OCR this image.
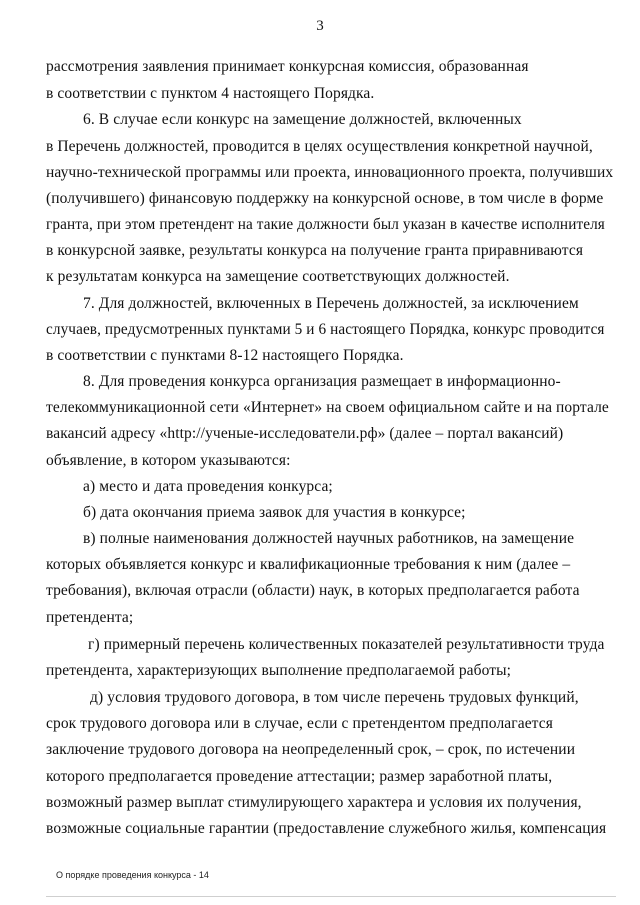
3
рассмотрения заявления принимает конкурсная комиссия, образованная
в соответствии с пунктом 4 настоящего Порядка.
6. В случае если конкурс на замещение должностей, включенных
в Перечень должностей, проводится в целях осуществления конкретной научной,
научно-технической программы или проекта, инновационного проекта, получивших
(получившего) финансовую поддержку на конкурсной основе, в том числе в форме
гранта, при этом претендент на такие должности был указан в качестве исполнителя
в конкурсной заявке, результаты конкурса на получение гранта приравниваются
к результатам конкурса на замещение соответствующих должностей.
7. Для должностей, включенных в Перечень должностей, за исключением
случаев, предусмотренных пунктами 5 и 6 настоящего Порядка, конкурс проводится
в соответствии с пунктами 8-12 настоящего Порядка.
8. Для проведения конкурса организация размещает в информационно-
телекоммуникационной сети «Интернет» на своем официальном сайте и на портале
вакансий адресу «http://ученые-исследователи.рф» (далее – портал вакансий)
объявление, в котором указываются:
а) место и дата проведения конкурса;
б) дата окончания приема заявок для участия в конкурсе;
в) полные наименования должностей научных работников, на замещение
которых объявляется конкурс и квалификационные требования к ним (далее –
требования), включая отрасли (области) наук, в которых предполагается работа
претендента;
г) примерный перечень количественных показателей результативности труда
претендента, характеризующих выполнение предполагаемой работы;
д) условия трудового договора, в том числе перечень трудовых функций,
срок трудового договора или в случае, если с претендентом предполагается
заключение трудового договора на неопределенный срок, – срок, по истечении
которого предполагается проведение аттестации; размер заработной платы,
возможный размер выплат стимулирующего характера и условия их получения,
возможные социальные гарантии (предоставление служебного жилья, компенсация
О порядке проведения конкурса - 14
